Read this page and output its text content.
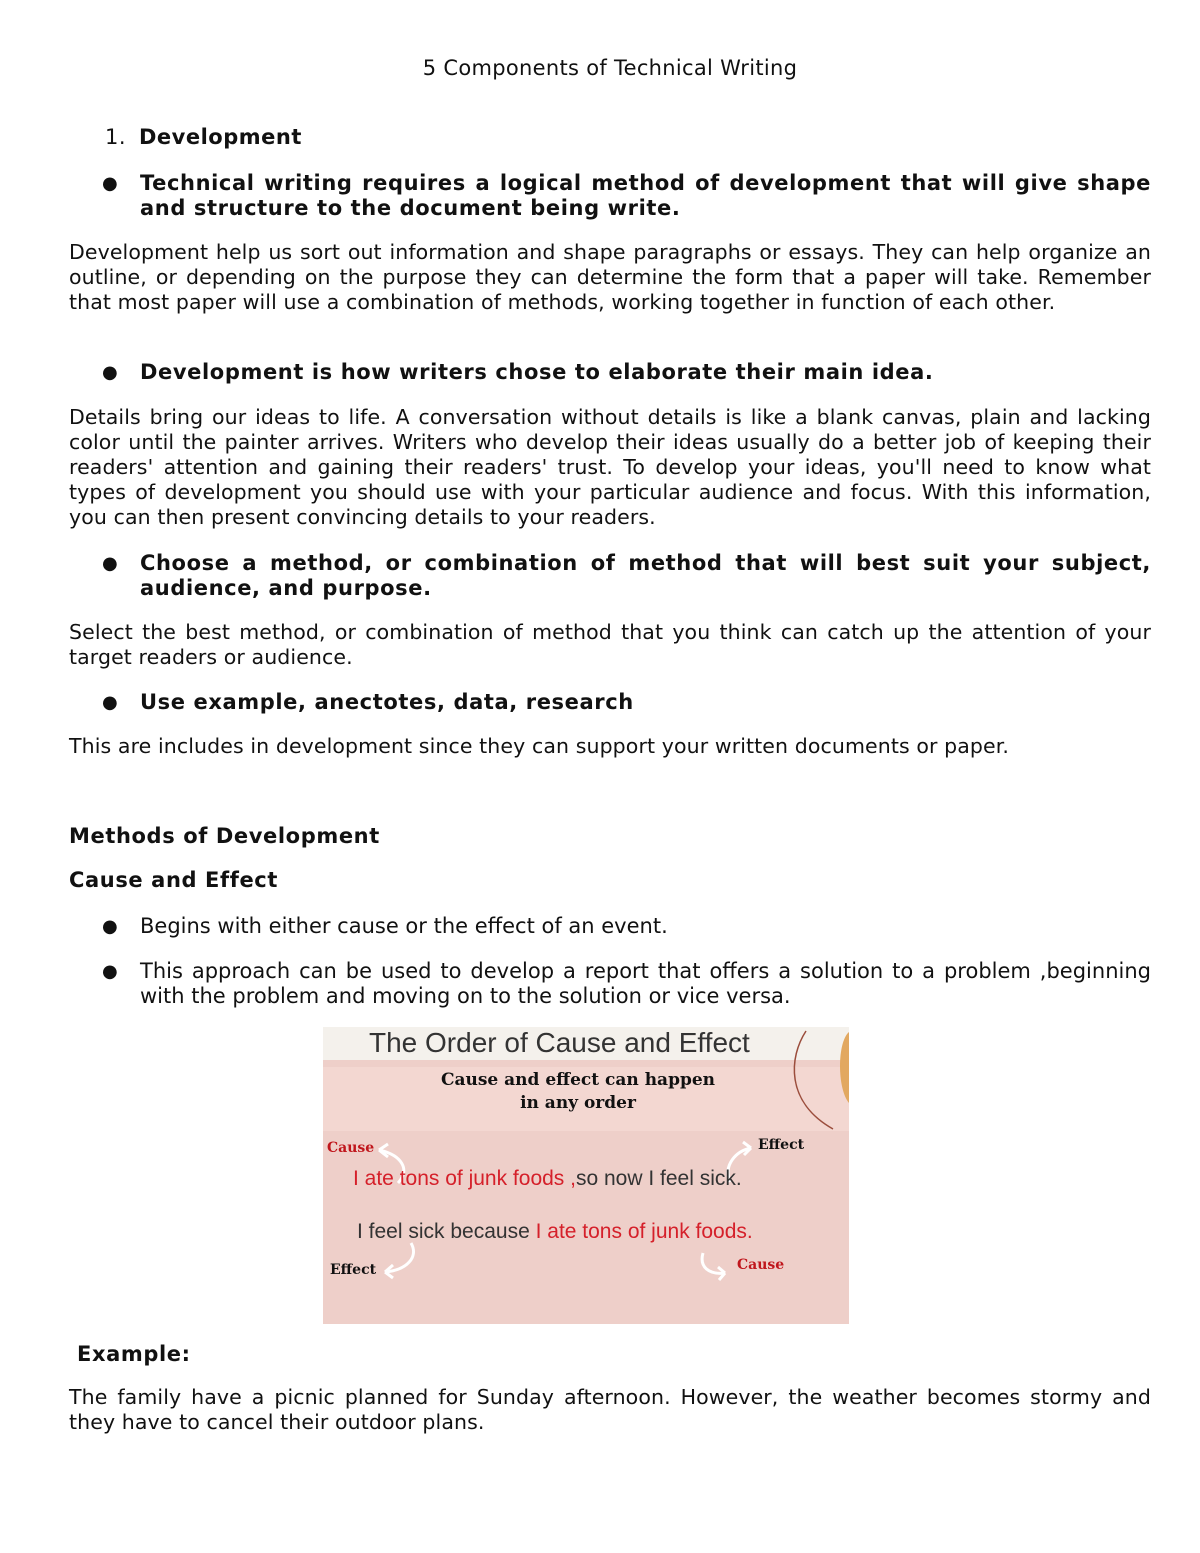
5 Components of Technical Writing
1. Development
● Technical writing requires a logical method of development that will give shape and structure to the document being write.
Development help us sort out information and shape paragraphs or essays. They can help organize an outline, or depending on the purpose they can determine the form that a paper will take. Remember that most paper will use a combination of methods, working together in function of each other.
● Development is how writers chose to elaborate their main idea.
Details bring our ideas to life. A conversation without details is like a blank canvas, plain and lacking color until the painter arrives. Writers who develop their ideas usually do a better job of keeping their readers' attention and gaining their readers' trust. To develop your ideas, you'll need to know what types of development you should use with your particular audience and focus. With this information, you can then present convincing details to your readers.
● Choose a method, or combination of method that will best suit your subject, audience, and purpose.
Select the best method, or combination of method that you think can catch up the attention of your target readers or audience.
● Use example, anectotes, data, research
This are includes in development since they can support your written documents or paper.
Methods of Development
Cause and Effect
● Begins with either cause or the effect of an event.
● This approach can be used to develop a report that offers a solution to a problem ,beginning with the problem and moving on to the solution or vice versa.
The Order of Cause and Effect
Cause and effect can happen
in any order
Cause	Effect
Effect	Cause
I ate tons of junk foods ,so now I feel sick.
I feel sick because I ate tons of junk foods.
Example:
The family have a picnic planned for Sunday afternoon. However, the weather becomes stormy and they have to cancel their outdoor plans.
